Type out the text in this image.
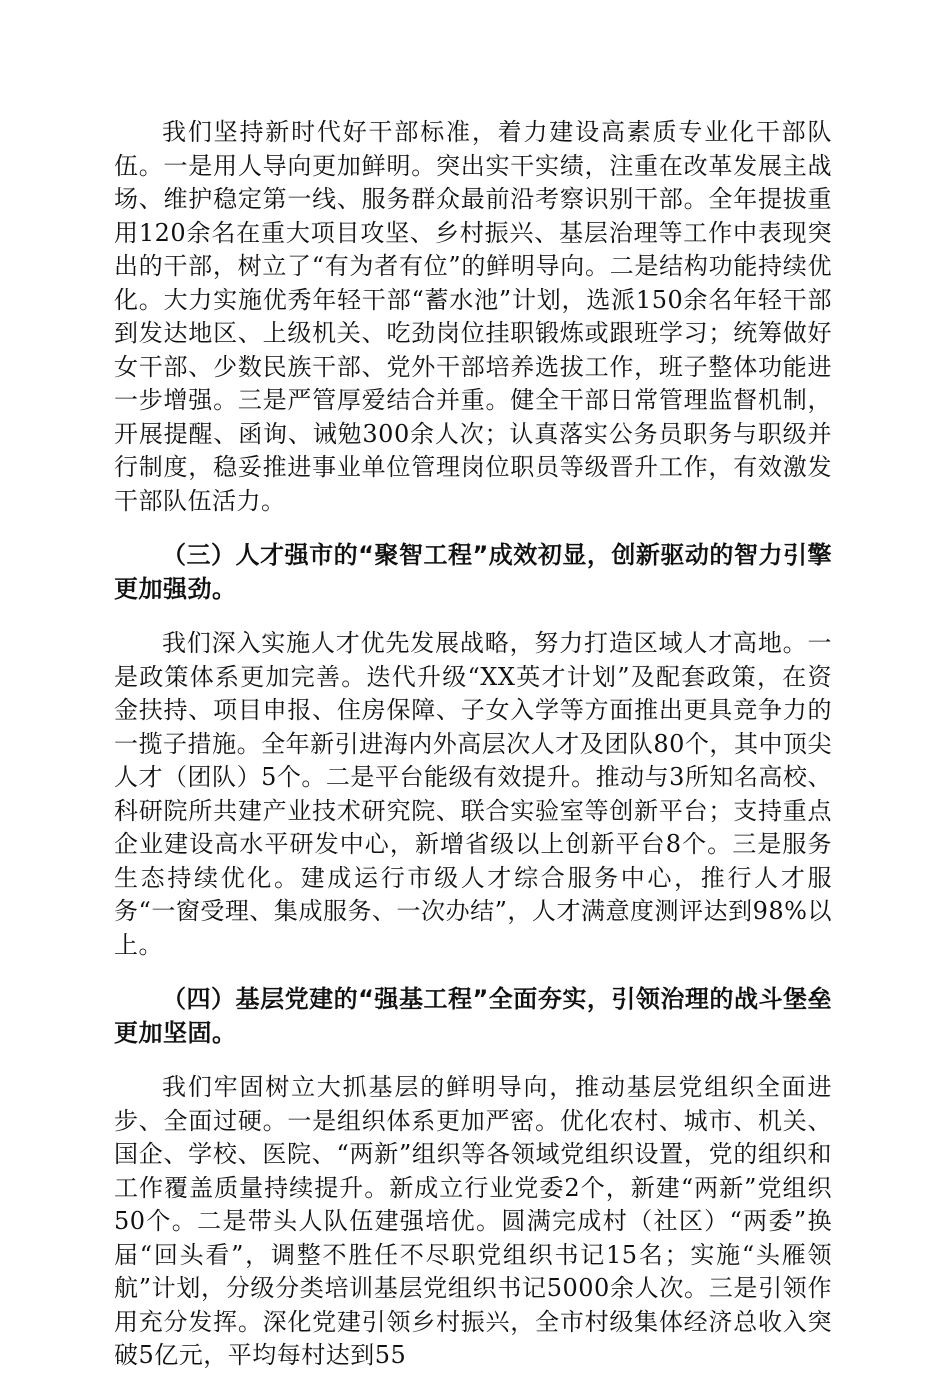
我们坚持新时代好干部标准，着力建设高素质专业化干部队伍。一是用人导向更加鲜明。突出实干实绩，注重在改革发展主战场、维护稳定第一线、服务群众最前沿考察识别干部。全年提拔重用120余名在重大项目攻坚、乡村振兴、基层治理等工作中表现突出的干部，树立了“有为者有位”的鲜明导向。二是结构功能持续优化。大力实施优秀年轻干部“蓄水池”计划，选派150余名年轻干部到发达地区、上级机关、吃劲岗位挂职锻炼或跟班学习；统筹做好女干部、少数民族干部、党外干部培养选拔工作，班子整体功能进一步增强。三是严管厚爱结合并重。健全干部日常管理监督机制，开展提醒、函询、诫勉300余人次；认真落实公务员职务与职级并行制度，稳妥推进事业单位管理岗位职员等级晋升工作，有效激发干部队伍活力。

（三）人才强市的“聚智工程”成效初显，创新驱动的智力引擎更加强劲。

我们深入实施人才优先发展战略，努力打造区域人才高地。一是政策体系更加完善。迭代升级“XX英才计划”及配套政策，在资金扶持、项目申报、住房保障、子女入学等方面推出更具竞争力的一揽子措施。全年新引进海内外高层次人才及团队80个，其中顶尖人才（团队）5个。二是平台能级有效提升。推动与3所知名高校、科研院所共建产业技术研究院、联合实验室等创新平台；支持重点企业建设高水平研发中心，新增省级以上创新平台8个。三是服务生态持续优化。建成运行市级人才综合服务中心，推行人才服务“一窗受理、集成服务、一次办结”，人才满意度测评达到98%以上。

（四）基层党建的“强基工程”全面夯实，引领治理的战斗堡垒更加坚固。

我们牢固树立大抓基层的鲜明导向，推动基层党组织全面进步、全面过硬。一是组织体系更加严密。优化农村、城市、机关、国企、学校、医院、“两新”组织等各领域党组织设置，党的组织和工作覆盖质量持续提升。新成立行业党委2个，新建“两新”党组织50个。二是带头人队伍建强培优。圆满完成村（社区）“两委”换届“回头看”，调整不胜任不尽职党组织书记15名；实施“头雁领航”计划，分级分类培训基层党组织书记5000余人次。三是引领作用充分发挥。深化党建引领乡村振兴，全市村级集体经济总收入突破5亿元，平均每村达到55
